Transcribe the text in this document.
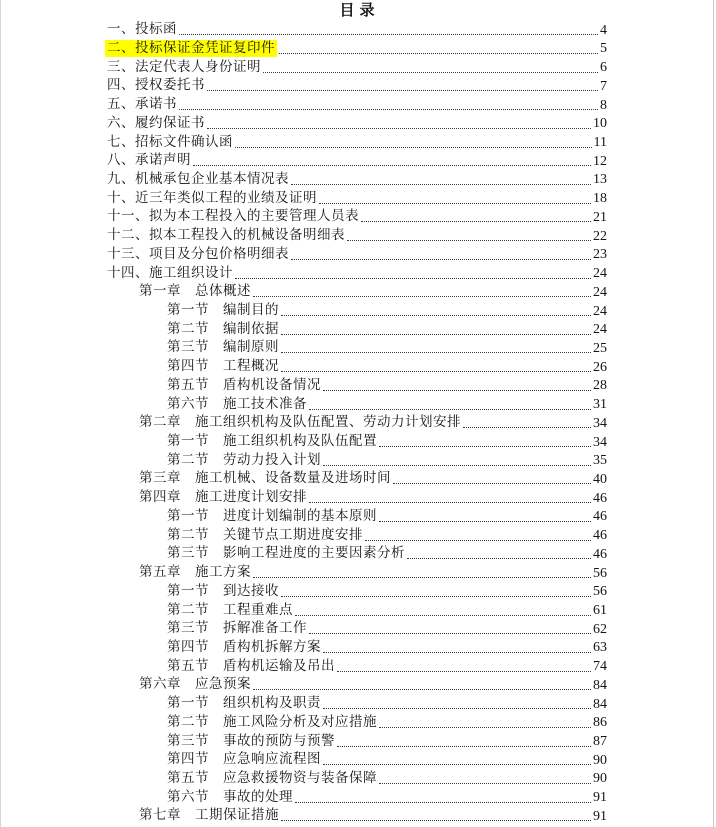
目录
一、投标函	4
二、投标保证金凭证复印件	5
三、法定代表人身份证明	6
四、授权委托书	7
五、承诺书	8
六、履约保证书	10
七、招标文件确认函	11
八、承诺声明	12
九、机械承包企业基本情况表	13
十、近三年类似工程的业绩及证明	18
十一、拟为本工程投入的主要管理人员表	21
十二、拟本工程投入的机械设备明细表	22
十三、项目及分包价格明细表	23
十四、施工组织设计	24
第一章　总体概述	24
第一节　编制目的	24
第二节　编制依据	24
第三节　编制原则	25
第四节　工程概况	26
第五节　盾构机设备情况	28
第六节　施工技术准备	31
第二章　施工组织机构及队伍配置、劳动力计划安排	34
第一节　施工组织机构及队伍配置	34
第二节　劳动力投入计划	35
第三章　施工机械、设备数量及进场时间	40
第四章　施工进度计划安排	46
第一节　进度计划编制的基本原则	46
第二节　关键节点工期进度安排	46
第三节　影响工程进度的主要因素分析	46
第五章　施工方案	56
第一节　到达接收	56
第二节　工程重难点	61
第三节　拆解准备工作	62
第四节　盾构机拆解方案	63
第五节　盾构机运输及吊出	74
第六章　应急预案	84
第一节　组织机构及职责	84
第二节　施工风险分析及对应措施	86
第三节　事故的预防与预警	87
第四节　应急响应流程图	90
第五节　应急救援物资与装备保障	90
第六节　事故的处理	91
第七章　工期保证措施	91
